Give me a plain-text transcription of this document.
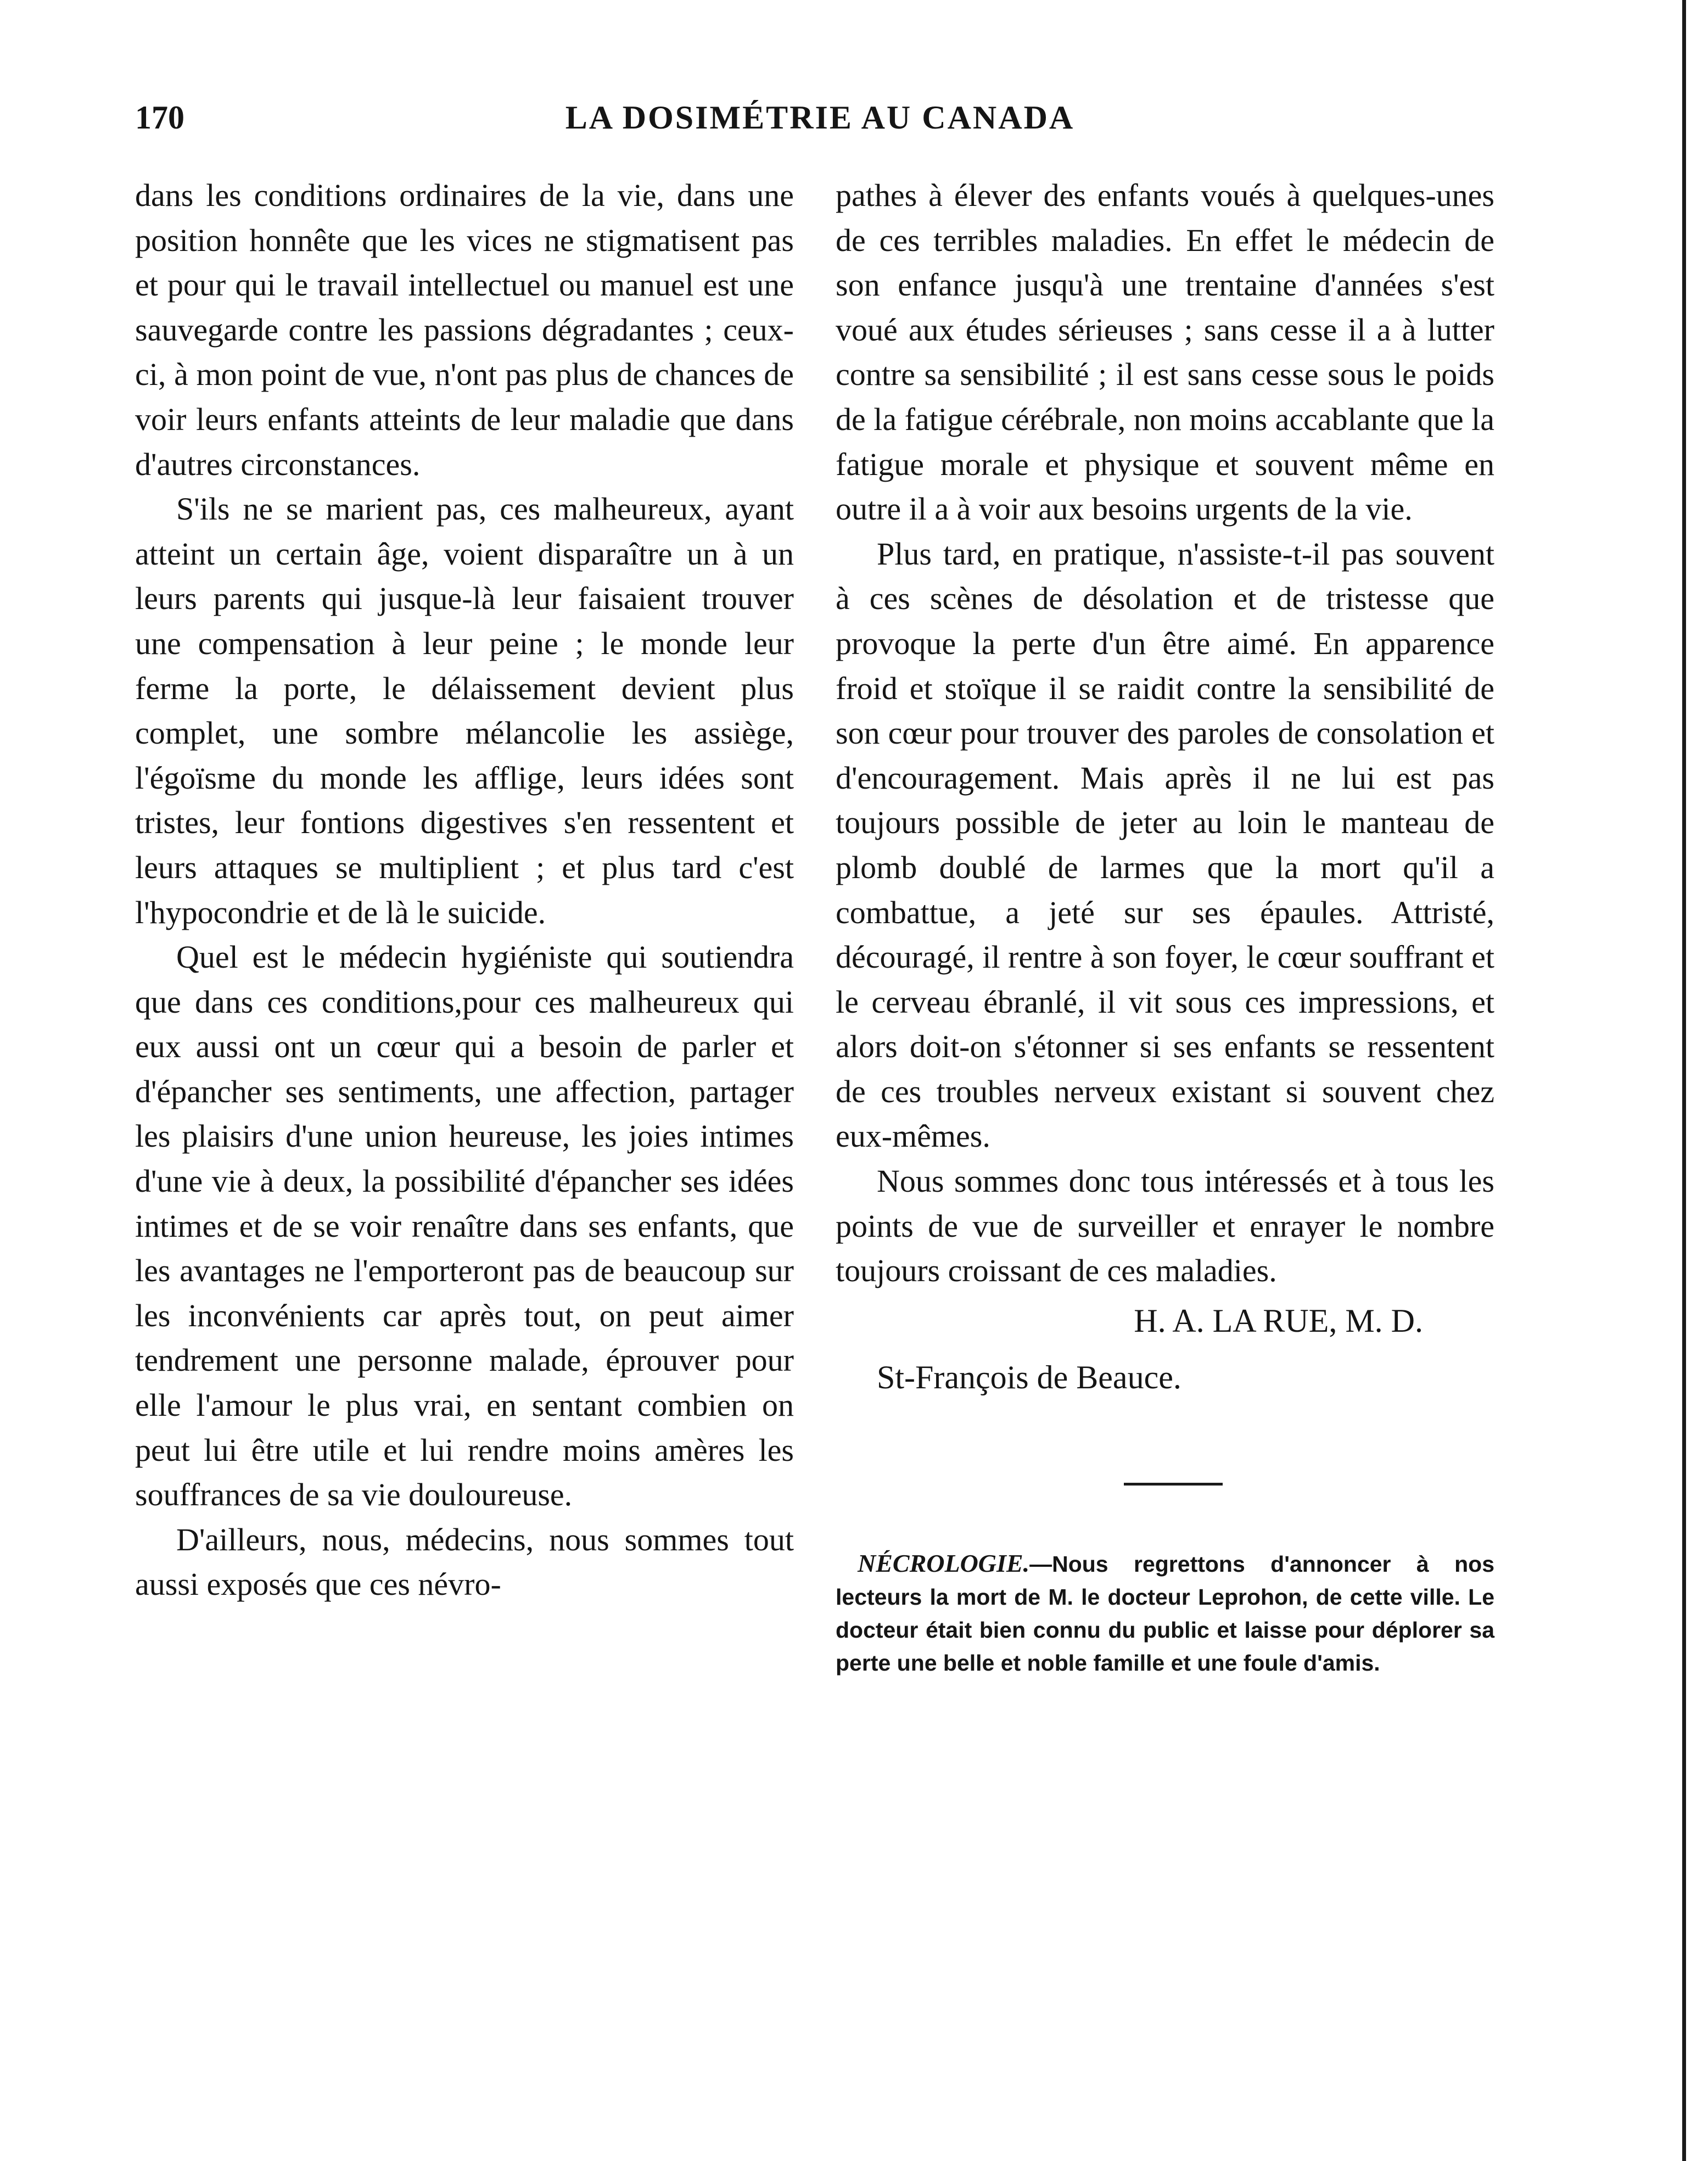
170	LA DOSIMÉTRIE AU CANADA

dans les conditions ordinaires de la vie, dans une position honnête que les vices ne stigmatisent pas et pour qui le travail intellectuel ou manuel est une sauvegarde contre les passions dégradantes ; ceux-ci, à mon point de vue, n'ont pas plus de chances de voir leurs enfants atteints de leur maladie que dans d'autres circonstances.

S'ils ne se marient pas, ces malheureux, ayant atteint un certain âge, voient disparaître un à un leurs parents qui jusque-là leur faisaient trouver une compensation à leur peine ; le monde leur ferme la porte, le délaissement devient plus complet, une sombre mélancolie les assiège, l'égoïsme du monde les afflige, leurs idées sont tristes, leur fontions digestives s'en ressentent et leurs attaques se multiplient ; et plus tard c'est l'hypocondrie et de là le suicide.

Quel est le médecin hygiéniste qui soutiendra que dans ces conditions,pour ces malheureux qui eux aussi ont un cœur qui a besoin de parler et d'épancher ses sentiments, une affection, partager les plaisirs d'une union heureuse, les joies intimes d'une vie à deux, la possibilité d'épancher ses idées intimes et de se voir renaître dans ses enfants, que les avantages ne l'emporteront pas de beaucoup sur les inconvénients car après tout, on peut aimer tendrement une personne malade, éprouver pour elle l'amour le plus vrai, en sentant combien on peut lui être utile et lui rendre moins amères les souffrances de sa vie douloureuse.

D'ailleurs, nous, médecins, nous sommes tout aussi exposés que ces névro-

pathes à élever des enfants voués à quelques-unes de ces terribles maladies. En effet le médecin de son enfance jusqu'à une trentaine d'années s'est voué aux études sérieuses ; sans cesse il a à lutter contre sa sensibilité ; il est sans cesse sous le poids de la fatigue cérébrale, non moins accablante que la fatigue morale et physique et souvent même en outre il a à voir aux besoins urgents de la vie.

Plus tard, en pratique, n'assiste-t-il pas souvent à ces scènes de désolation et de tristesse que provoque la perte d'un être aimé. En apparence froid et stoïque il se raidit contre la sensibilité de son cœur pour trouver des paroles de consolation et d'encouragement. Mais après il ne lui est pas toujours possible de jeter au loin le manteau de plomb doublé de larmes que la mort qu'il a combattue, a jeté sur ses épaules. Attristé, découragé, il rentre à son foyer, le cœur souffrant et le cerveau ébranlé, il vit sous ces impressions, et alors doit-on s'étonner si ses enfants se ressentent de ces troubles nerveux existant si souvent chez eux-mêmes.

Nous sommes donc tous intéressés et à tous les points de vue de surveiller et enrayer le nombre toujours croissant de ces maladies.

H. A. LA RUE, M. D.
St-François de Beauce.

NÉCROLOGIE.—Nous regrettons d'annoncer à nos lecteurs la mort de M. le docteur Leprohon, de cette ville. Le docteur était bien connu du public et laisse pour déplorer sa perte une belle et noble famille et une foule d'amis.
